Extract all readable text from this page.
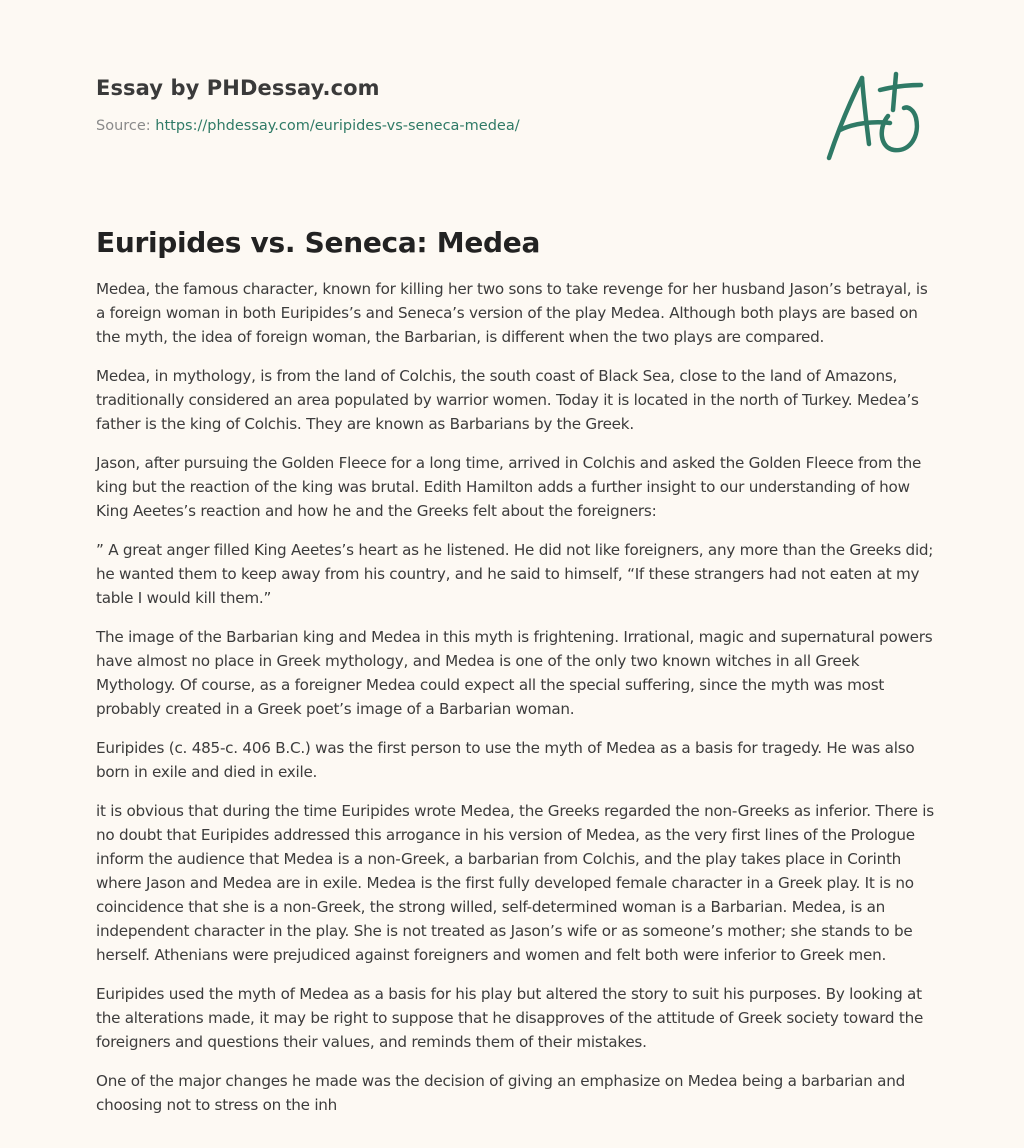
Essay by PHDessay.com
Source: https://phdessay.com/euripides-vs-seneca-medea/
Euripides vs. Seneca: Medea

Medea, the famous character, known for killing her two sons to take revenge for her husband Jason’s betrayal, is a foreign woman in both Euripides’s and Seneca’s version of the play Medea. Although both plays are based on the myth, the idea of foreign woman, the Barbarian, is different when the two plays are compared.

Medea, in mythology, is from the land of Colchis, the south coast of Black Sea, close to the land of Amazons, traditionally considered an area populated by warrior women. Today it is located in the north of Turkey. Medea’s father is the king of Colchis. They are known as Barbarians by the Greek.

Jason, after pursuing the Golden Fleece for a long time, arrived in Colchis and asked the Golden Fleece from the king but the reaction of the king was brutal. Edith Hamilton adds a further insight to our understanding of how King Aeetes’s reaction and how he and the Greeks felt about the foreigners:

” A great anger filled King Aeetes’s heart as he listened. He did not like foreigners, any more than the Greeks did; he wanted them to keep away from his country, and he said to himself, “If these strangers had not eaten at my table I would kill them.”

The image of the Barbarian king and Medea in this myth is frightening. Irrational, magic and supernatural powers have almost no place in Greek mythology, and Medea is one of the only two known witches in all Greek Mythology. Of course, as a foreigner Medea could expect all the special suffering, since the myth was most probably created in a Greek poet’s image of a Barbarian woman.

Euripides (c. 485-c. 406 B.C.) was the first person to use the myth of Medea as a basis for tragedy. He was also born in exile and died in exile.

it is obvious that during the time Euripides wrote Medea, the Greeks regarded the non-Greeks as inferior. There is no doubt that Euripides addressed this arrogance in his version of Medea, as the very first lines of the Prologue inform the audience that Medea is a non-Greek, a barbarian from Colchis, and the play takes place in Corinth where Jason and Medea are in exile. Medea is the first fully developed female character in a Greek play. It is no coincidence that she is a non-Greek, the strong willed, self-determined woman is a Barbarian. Medea, is an independent character in the play. She is not treated as Jason’s wife or as someone’s mother; she stands to be herself. Athenians were prejudiced against foreigners and women and felt both were inferior to Greek men.

Euripides used the myth of Medea as a basis for his play but altered the story to suit his purposes. By looking at the alterations made, it may be right to suppose that he disapproves of the attitude of Greek society toward the foreigners and questions their values, and reminds them of their mistakes.

One of the major changes he made was the decision of giving an emphasize on Medea being a barbarian and choosing not to stress on the inh
